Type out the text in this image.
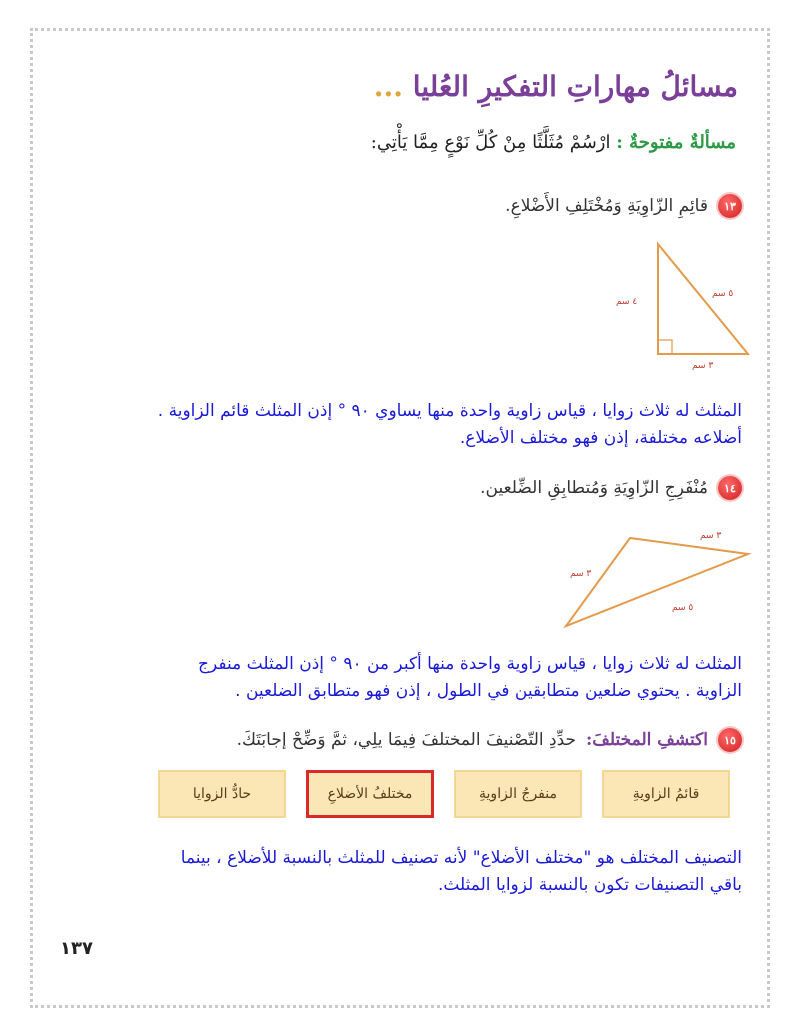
مسائلُ مهاراتِ التفكيرِ العُليا ...
مسألةٌ مفتوحةٌ : ارْسُمْ مُثَلَّثًا مِنْ كُلِّ نَوْعٍ مِمَّا يَأْتِي:
١٣
قائِمِ الزّاوِيَةِ وَمُخْتَلِفِ الأَضْلاعِ.
٥ سم
٤ سم
٣ سم
المثلث له ثلاث زوايا ، قياس زاوية واحدة منها يساوي ٩٠ ° إذن المثلث قائم الزاوية .
أضلاعه مختلفة، إذن فهو مختلف الأضلاع.
١٤
مُنْفَرِجِ الزّاوِيَةِ وَمُتطابِقِ الضِّلعين.
٣ سم
٣ سم
٥ سم
المثلث له ثلاث زوايا ، قياس زاوية واحدة منها أكبر من ٩٠ ° إذن المثلث منفرج
الزاوية . يحتوي ضلعين متطابقين في الطول ، إذن فهو متطابق الضلعين .
١٥
اكتشفِ المختلفَ:
حدِّدِ التّصْنيفَ المختلفَ فِيمَا يلِي، ثمَّ وَضِّحْ إجابَتَكَ.
قائمُ الزاويةِ
منفرجُ الزاويةِ
مختلفُ الأضلاعِ
حادُّ الزوايا
التصنيف المختلف هو "مختلف الأضلاع" لأنه تصنيف للمثلث بالنسبة للأضلاع ، بينما
باقي التصنيفات تكون بالنسبة لزوايا المثلث.
١٣٧
